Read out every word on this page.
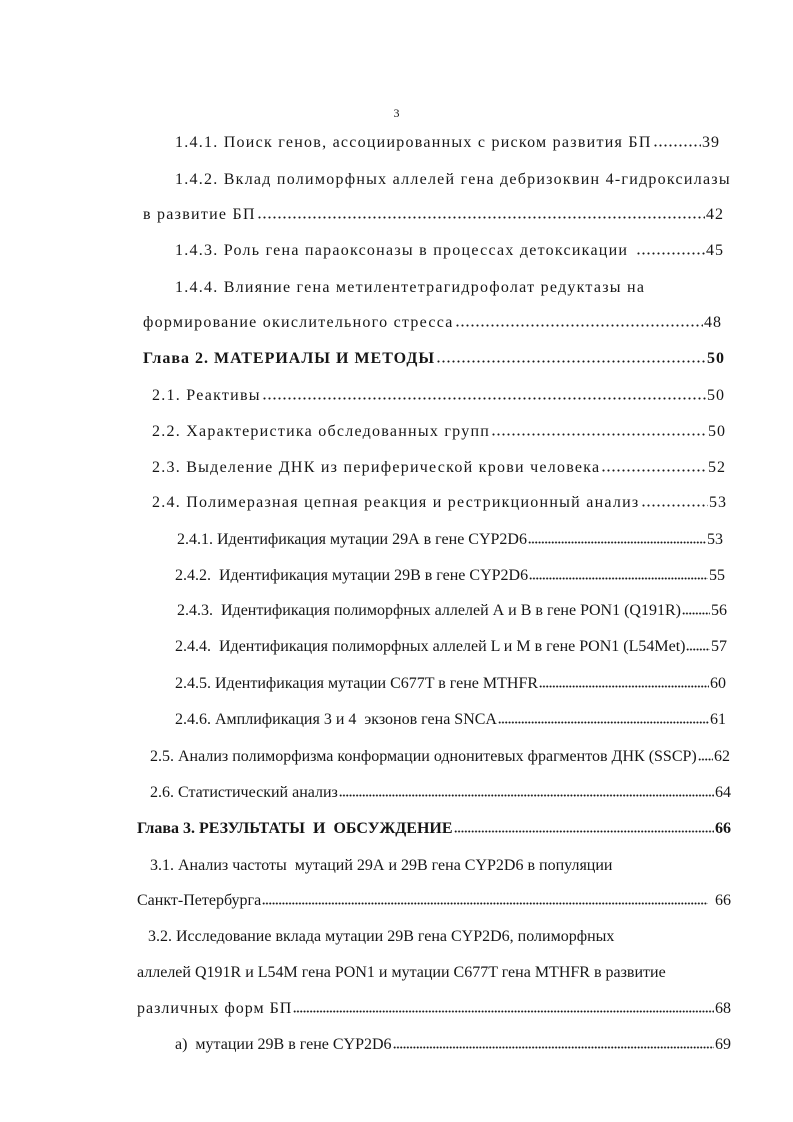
3
1.4.1. Поиск генов, ассоциированных с риском развития БП	39
1.4.2. Вклад полиморфных аллелей гена дебризоквин 4-гидроксилазы
в развитие БП	42
1.4.3. Роль гена параоксоназы в процессах детоксикации	45
1.4.4. Влияние гена метилентетрагидрофолат редуктазы на
формирование окислительного стресса	48
Глава 2. МАТЕРИАЛЫ И МЕТОДЫ	50
2.1. Реактивы	50
2.2. Характеристика обследованных групп	50
2.3. Выделение ДНК из периферической крови человека	52
2.4. Полимеразная цепная реакция и рестрикционный анализ	53
2.4.1. Идентификация мутации 29А в гене CYP2D6	53
2.4.2.  Идентификация мутации 29В в гене CYP2D6	55
2.4.3.  Идентификация полиморфных аллелей А и В в гене PON1 (Q191R) 56
2.4.4.  Идентификация полиморфных аллелей L и M в гене PON1 (L54Met) 57
2.4.5. Идентификация мутации C677T в гене MTHFR	60
2.4.6. Амплификация 3 и 4  экзонов гена SNCA	61
2.5. Анализ полиморфизма конформации однонитевых фрагментов ДНК (SSCP) 62
2.6. Статистический анализ	64
Глава 3. РЕЗУЛЬТАТЫ  И  ОБСУЖДЕНИЕ	66
3.1. Анализ частоты  мутаций 29А и 29В гена CYP2D6 в популяции
Санкт-Петербурга	66
3.2. Исследование вклада мутации 29В гена CYP2D6, полиморфных
аллелей Q191R и L54M гена PON1 и мутации C677T гена MTHFR в развитие
различных форм БП	68
а)  мутации 29В в гене CYP2D6	69
